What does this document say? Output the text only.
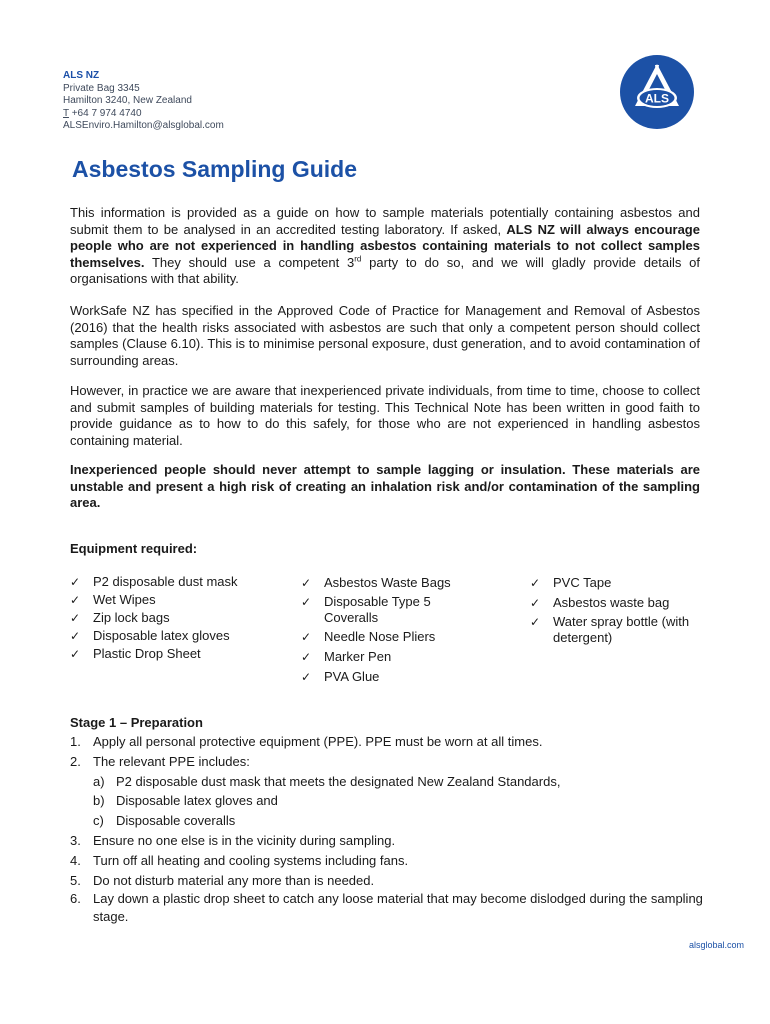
ALS NZ
Private Bag 3345
Hamilton 3240, New Zealand
T +64 7 974 4740
ALSEnviro.Hamilton@alsglobal.com
ALS
Asbestos Sampling Guide

This information is provided as a guide on how to sample materials potentially containing asbestos and submit them to be analysed in an accredited testing laboratory. If asked, ALS NZ will always encourage people who are not experienced in handling asbestos containing materials to not collect samples themselves. They should use a competent 3rd party to do so, and we will gladly provide details of organisations with that ability.

WorkSafe NZ has specified in the Approved Code of Practice for Management and Removal of Asbestos (2016) that the health risks associated with asbestos are such that only a competent person should collect samples (Clause 6.10). This is to minimise personal exposure, dust generation, and to avoid contamination of surrounding areas.

However, in practice we are aware that inexperienced private individuals, from time to time, choose to collect and submit samples of building materials for testing. This Technical Note has been written in good faith to provide guidance as to how to do this safely, for those who are not experienced in handling asbestos containing material.

Inexperienced people should never attempt to sample lagging or insulation. These materials are unstable and present a high risk of creating an inhalation risk and/or contamination of the sampling area.

Equipment required:
✓ P2 disposable dust mask
✓ Wet Wipes
✓ Zip lock bags
✓ Disposable latex gloves
✓ Plastic Drop Sheet
✓ Asbestos Waste Bags
✓ Disposable Type 5 Coveralls
✓ Needle Nose Pliers
✓ Marker Pen
✓ PVA Glue
✓ PVC Tape
✓ Asbestos waste bag
✓ Water spray bottle (with detergent)
Stage 1 – Preparation
1. Apply all personal protective equipment (PPE). PPE must be worn at all times.
2. The relevant PPE includes:
a) P2 disposable dust mask that meets the designated New Zealand Standards,
b) Disposable latex gloves and
c) Disposable coveralls
3. Ensure no one else is in the vicinity during sampling.
4. Turn off all heating and cooling systems including fans.
5. Do not disturb material any more than is needed.
6. Lay down a plastic drop sheet to catch any loose material that may become dislodged during the sampling stage.
alsglobal.com
